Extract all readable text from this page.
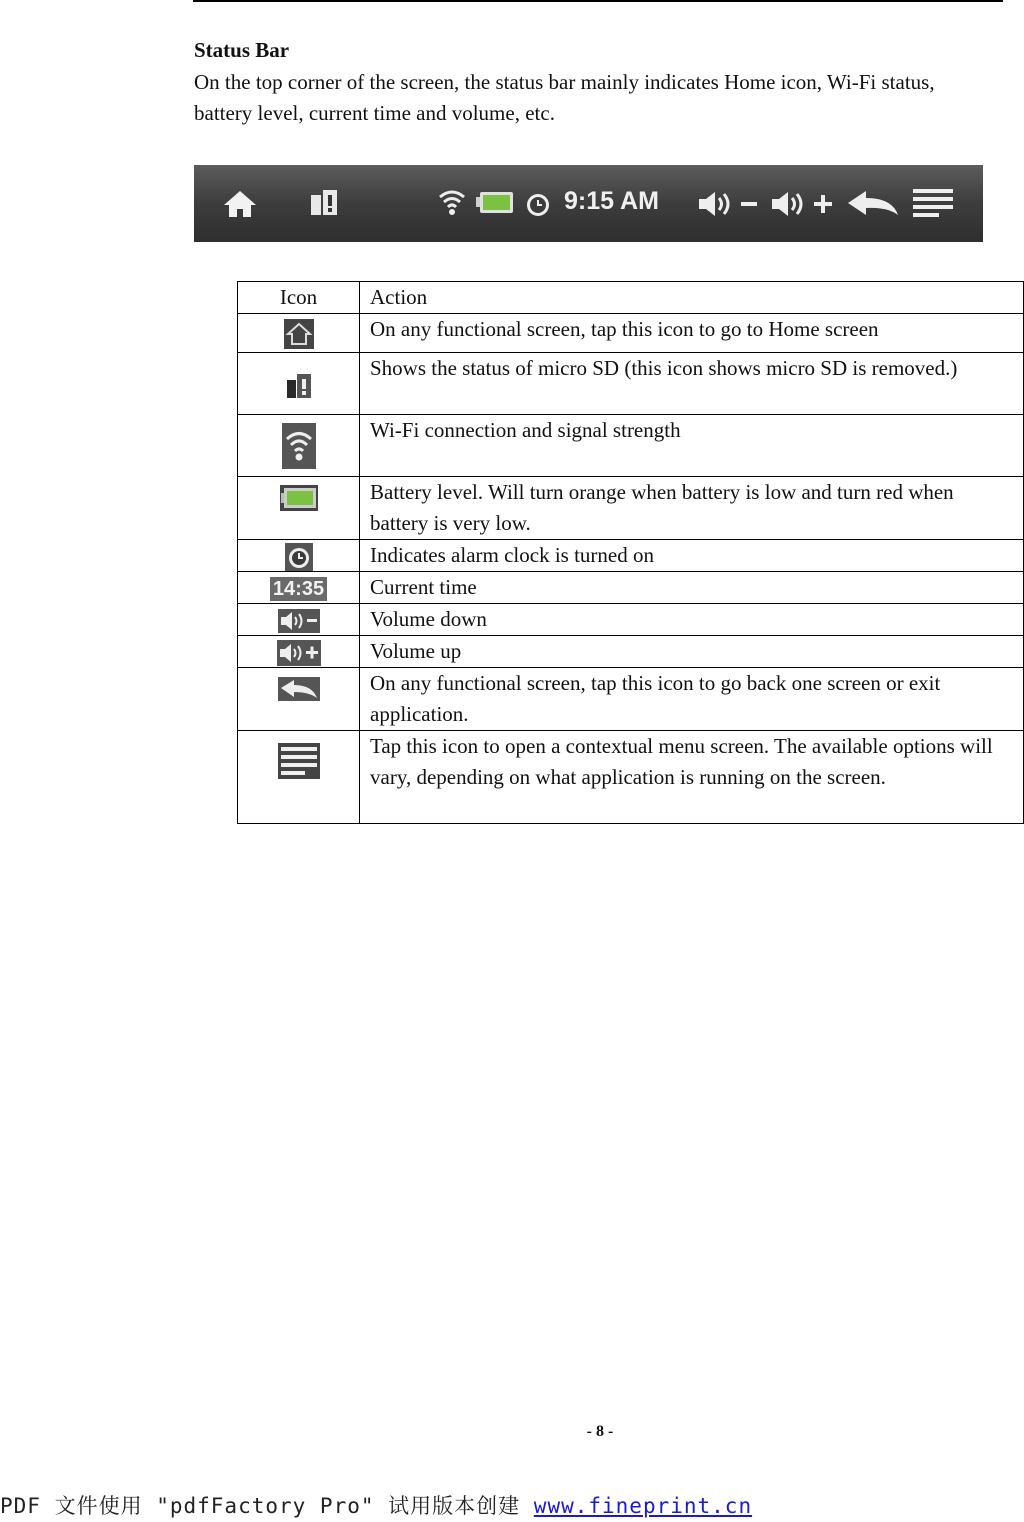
Status Bar
On the top corner of the screen, the status bar mainly indicates Home icon, Wi-Fi status, battery level, current time and volume, etc.
9:15 AM
Icon	Action
	On any functional screen, tap this icon to go to Home screen
	Shows the status of micro SD (this icon shows micro SD is removed.)
	Wi-Fi connection and signal strength
	Battery level. Will turn orange when battery is low and turn red when battery is very low.
	Indicates alarm clock is turned on
14:35	Current time
	Volume down
	Volume up
	On any functional screen, tap this icon to go back one screen or exit application.
	Tap this icon to open a contextual menu screen. The available options will vary, depending on what application is running on the screen.
- 8 -
PDF 文件使用 "pdfFactory Pro" 试用版本创建 www.fineprint.cn
